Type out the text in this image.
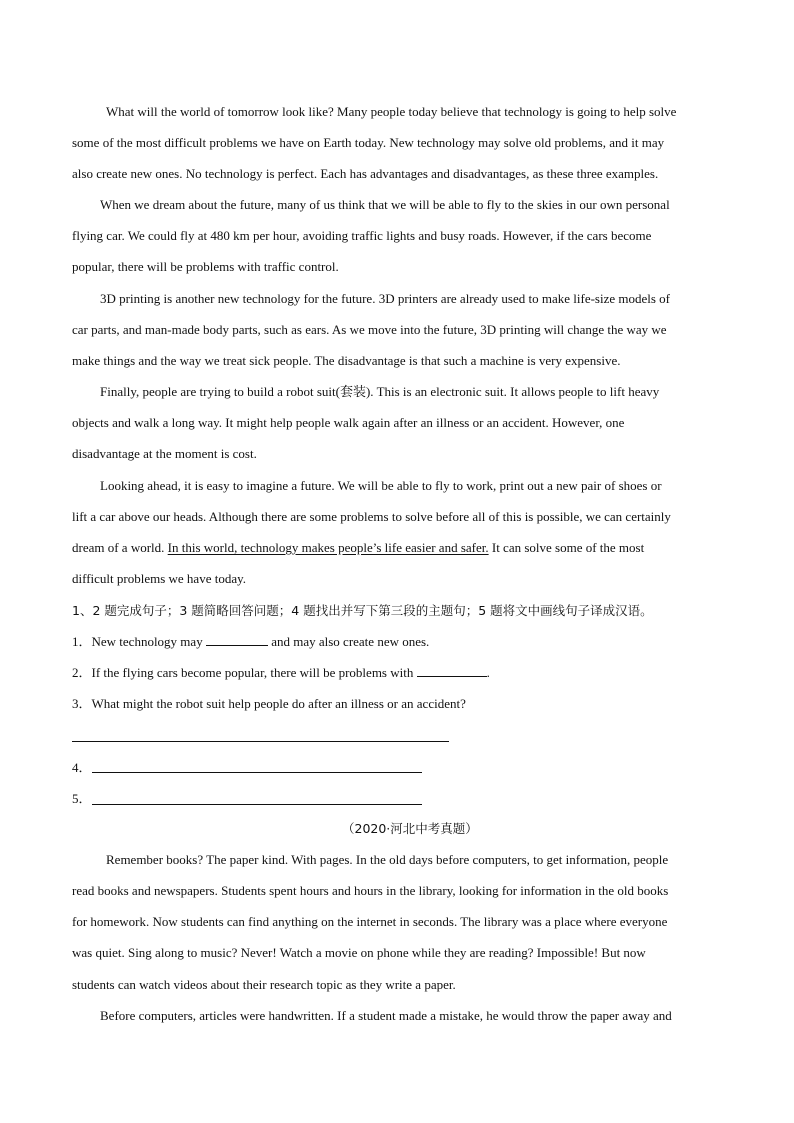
What will the world of tomorrow look like? Many people today believe that technology is going to help solve
some of the most difficult problems we have on Earth today. New technology may solve old problems, and it may
also create new ones. No technology is perfect. Each has advantages and disadvantages, as these three examples.
When we dream about the future, many of us think that we will be able to fly to the skies in our own personal
flying car. We could fly at 480 km per hour, avoiding traffic lights and busy roads. However, if the cars become
popular, there will be problems with traffic control.
3D printing is another new technology for the future. 3D printers are already used to make life-size models of
car parts, and man-made body parts, such as ears. As we move into the future, 3D printing will change the way we
make things and the way we treat sick people. The disadvantage is that such a machine is very expensive.
Finally, people are trying to build a robot suit(套装). This is an electronic suit. It allows people to lift heavy
objects and walk a long way. It might help people walk again after an illness or an accident. However, one
disadvantage at the moment is cost.
Looking ahead, it is easy to imagine a future. We will be able to fly to work, print out a new pair of shoes or
lift a car above our heads. Although there are some problems to solve before all of this is possible, we can certainly
dream of a world. In this world, technology makes people’s life easier and safer. It can solve some of the most
difficult problems we have today.
1、2 题完成句子；3 题简略回答问题；4 题找出并写下第三段的主题句；5 题将文中画线句子译成汉语。
1．New technology may	and may also create new ones.
2．If the flying cars become popular, there will be problems with	.
3．What might the robot suit help people do after an illness or an accident?
4．
5．
（2020·河北中考真题）
Remember books? The paper kind. With pages. In the old days before computers, to get information, people
read books and newspapers. Students spent hours and hours in the library, looking for information in the old books
for homework. Now students can find anything on the internet in seconds. The library was a place where everyone
was quiet. Sing along to music? Never! Watch a movie on phone while they are reading? Impossible! But now
students can watch videos about their research topic as they write a paper.
Before computers, articles were handwritten. If a student made a mistake, he would throw the paper away and
